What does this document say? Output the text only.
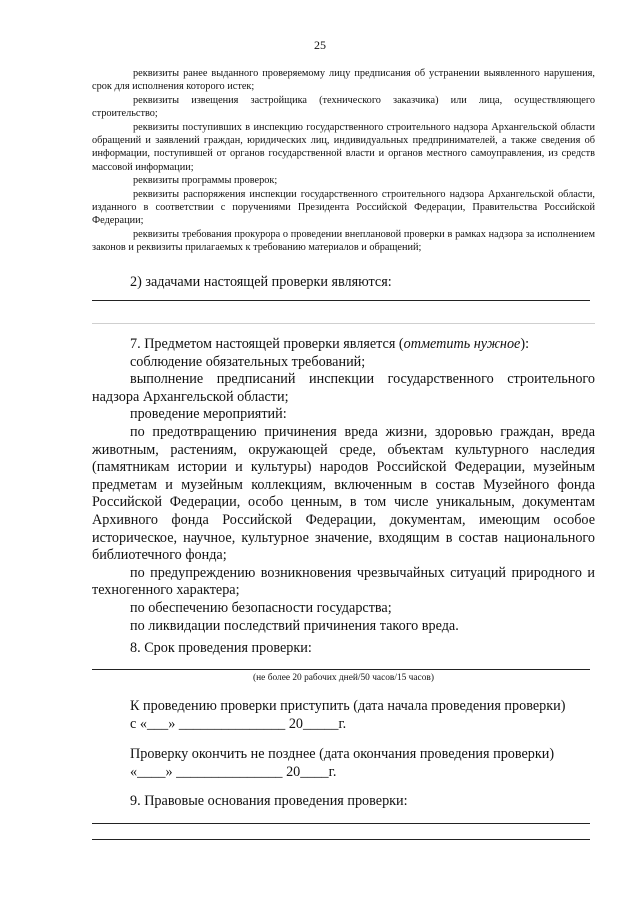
25

реквизиты ранее выданного проверяемому лицу предписания об устранении выявленного нарушения, срок для исполнения которого истек;

реквизиты извещения застройщика (технического заказчика) или лица, осуществляющего строительство;

реквизиты поступивших в инспекцию государственного строительного надзора Архангельской области обращений и заявлений граждан, юридических лиц, индивидуальных предпринимателей, а также сведения об информации, поступившей от органов государственной власти и органов местного самоуправления, из средств массовой информации;

реквизиты программы проверок;

реквизиты распоряжения инспекции государственного строительного надзора Архангельской области, изданного в соответствии с поручениями Президента Российской Федерации, Правительства Российской Федерации;

реквизиты требования прокурора о проведении внеплановой проверки в рамках надзора за исполнением законов и реквизиты прилагаемых к требованию материалов и обращений;

2) задачами настоящей проверки являются:

7. Предметом настоящей проверки является (отметить нужное):

соблюдение обязательных требований;

выполнение предписаний инспекции государственного строительного надзора Архангельской области;

проведение мероприятий:

по предотвращению причинения вреда жизни, здоровью граждан, вреда животным, растениям, окружающей среде, объектам культурного наследия (памятникам истории и культуры) народов Российской Федерации, музейным предметам и музейным коллекциям, включенным в состав Музейного фонда Российской Федерации, особо ценным, в том числе уникальным, документам Архивного фонда Российской Федерации, документам, имеющим особое историческое, научное, культурное значение, входящим в состав национального библиотечного фонда;

по предупреждению возникновения чрезвычайных ситуаций природного и техногенного характера;

по обеспечению безопасности государства;

по ликвидации последствий причинения такого вреда.

8. Срок проведения проверки:

(не более 20 рабочих дней/50 часов/15 часов)

К проведению проверки приступить (дата начала проведения проверки)

с «___» _______________ 20_____г.

Проверку окончить не позднее (дата окончания проведения проверки)

«____» _______________ 20____г.

9. Правовые основания проведения проверки:
